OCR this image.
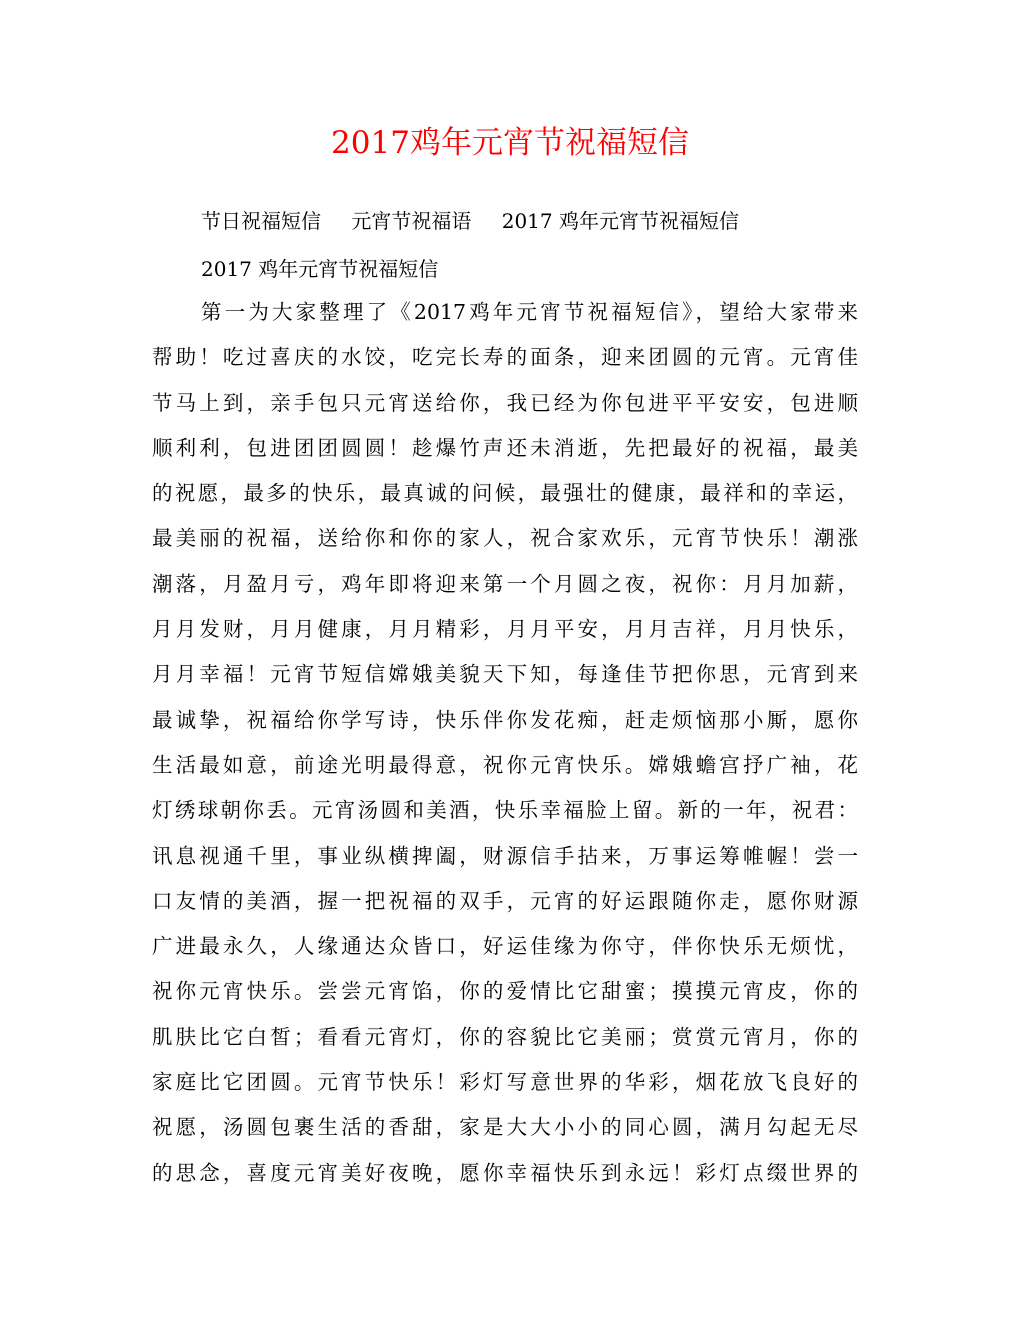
2017鸡年元宵节祝福短信
节日祝福短信 元宵节祝福语 2017 鸡年元宵节祝福短信
2017 鸡年元宵节祝福短信
第一为大家整理了《2017鸡年元宵节祝福短信》，望给大家带来
帮助！吃过喜庆的水饺，吃完长寿的面条，迎来团圆的元宵。元宵佳
节马上到，亲手包只元宵送给你，我已经为你包进平平安安，包进顺
顺利利，包进团团圆圆！趁爆竹声还未消逝，先把最好的祝福，最美
的祝愿，最多的快乐，最真诚的问候，最强壮的健康，最祥和的幸运，
最美丽的祝福，送给你和你的家人，祝合家欢乐，元宵节快乐！潮涨
潮落，月盈月亏，鸡年即将迎来第一个月圆之夜，祝你：月月加薪，
月月发财，月月健康，月月精彩，月月平安，月月吉祥，月月快乐，
月月幸福！元宵节短信嫦娥美貌天下知，每逢佳节把你思，元宵到来
最诚挚，祝福给你学写诗，快乐伴你发花痴，赶走烦恼那小厮，愿你
生活最如意，前途光明最得意，祝你元宵快乐。嫦娥蟾宫抒广袖，花
灯绣球朝你丢。元宵汤圆和美酒，快乐幸福脸上留。新的一年，祝君：
讯息视通千里，事业纵横捭阖，财源信手拈来，万事运筹帷幄！尝一
口友情的美酒，握一把祝福的双手，元宵的好运跟随你走，愿你财源
广进最永久，人缘通达众皆口，好运佳缘为你守，伴你快乐无烦忧，
祝你元宵快乐。尝尝元宵馅，你的爱情比它甜蜜；摸摸元宵皮，你的
肌肤比它白皙；看看元宵灯，你的容貌比它美丽；赏赏元宵月，你的
家庭比它团圆。元宵节快乐！彩灯写意世界的华彩，烟花放飞良好的
祝愿，汤圆包裹生活的香甜，家是大大小小的同心圆，满月勾起无尽
的思念，喜度元宵美好夜晚，愿你幸福快乐到永远！彩灯点缀世界的
